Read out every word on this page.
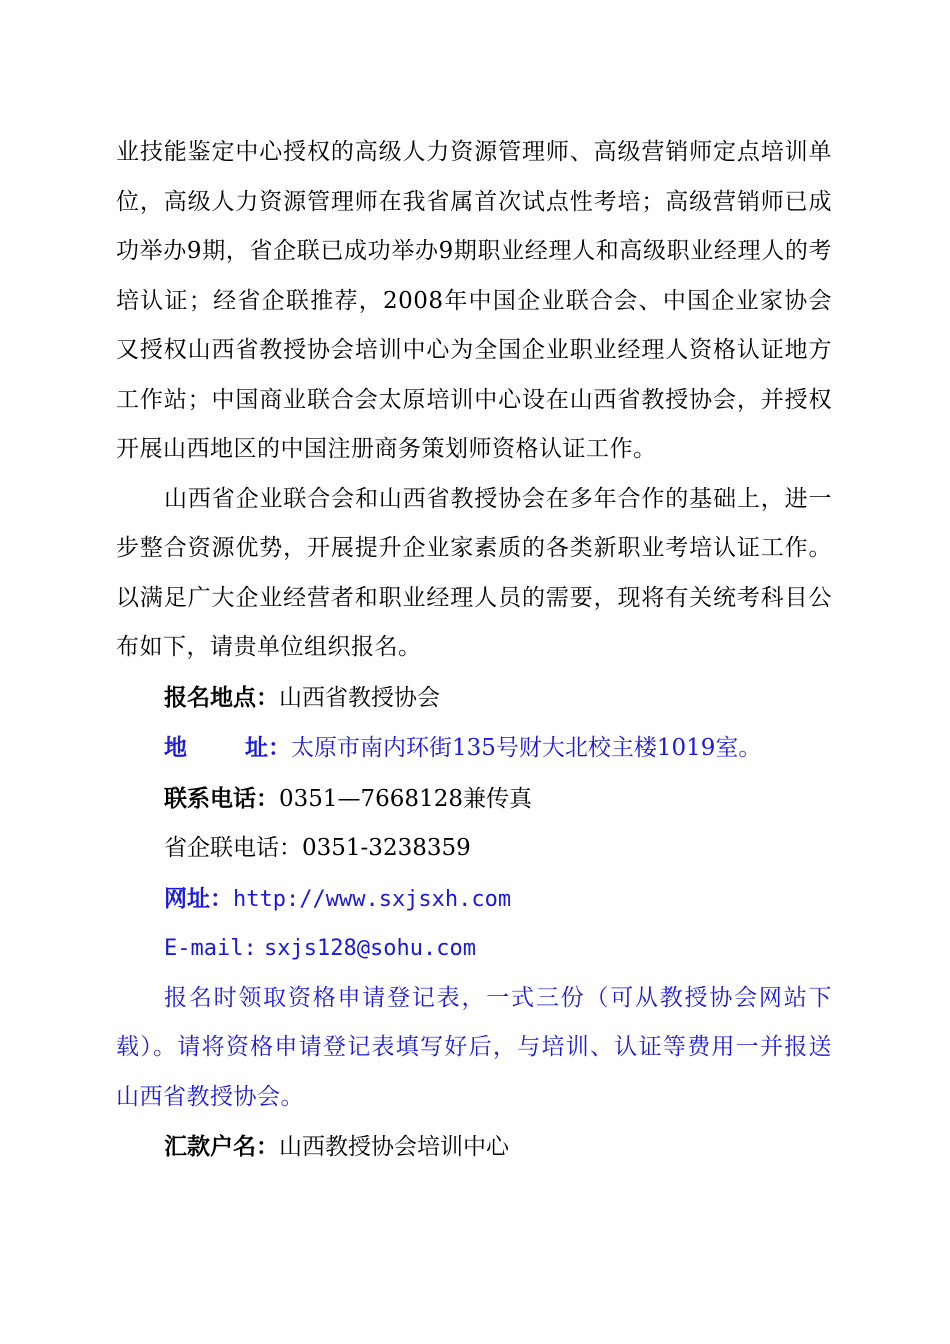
业技能鉴定中心授权的高级人力资源管理师、高级营销师定点培训单位，高级人力资源管理师在我省属首次试点性考培；高级营销师已成功举办9期，省企联已成功举办9期职业经理人和高级职业经理人的考培认证；经省企联推荐，2008年中国企业联合会、中国企业家协会又授权山西省教授协会培训中心为全国企业职业经理人资格认证地方工作站；中国商业联合会太原培训中心设在山西省教授协会，并授权开展山西地区的中国注册商务策划师资格认证工作。

山西省企业联合会和山西省教授协会在多年合作的基础上，进一步整合资源优势，开展提升企业家素质的各类新职业考培认证工作。以满足广大企业经营者和职业经理人员的需要，现将有关统考科目公布如下，请贵单位组织报名。

报名地点：山西省教授协会

地	址：太原市南内环街135号财大北校主楼1019室。

联系电话：0351—7668128兼传真

省企联电话：0351-3238359

网址：http://www.sxjsxh.com

E-mail: sxjs128@sohu.com

报名时领取资格申请登记表，一式三份（可从教授协会网站下载）。请将资格申请登记表填写好后，与培训、认证等费用一并报送山西省教授协会。

汇款户名：山西教授协会培训中心
